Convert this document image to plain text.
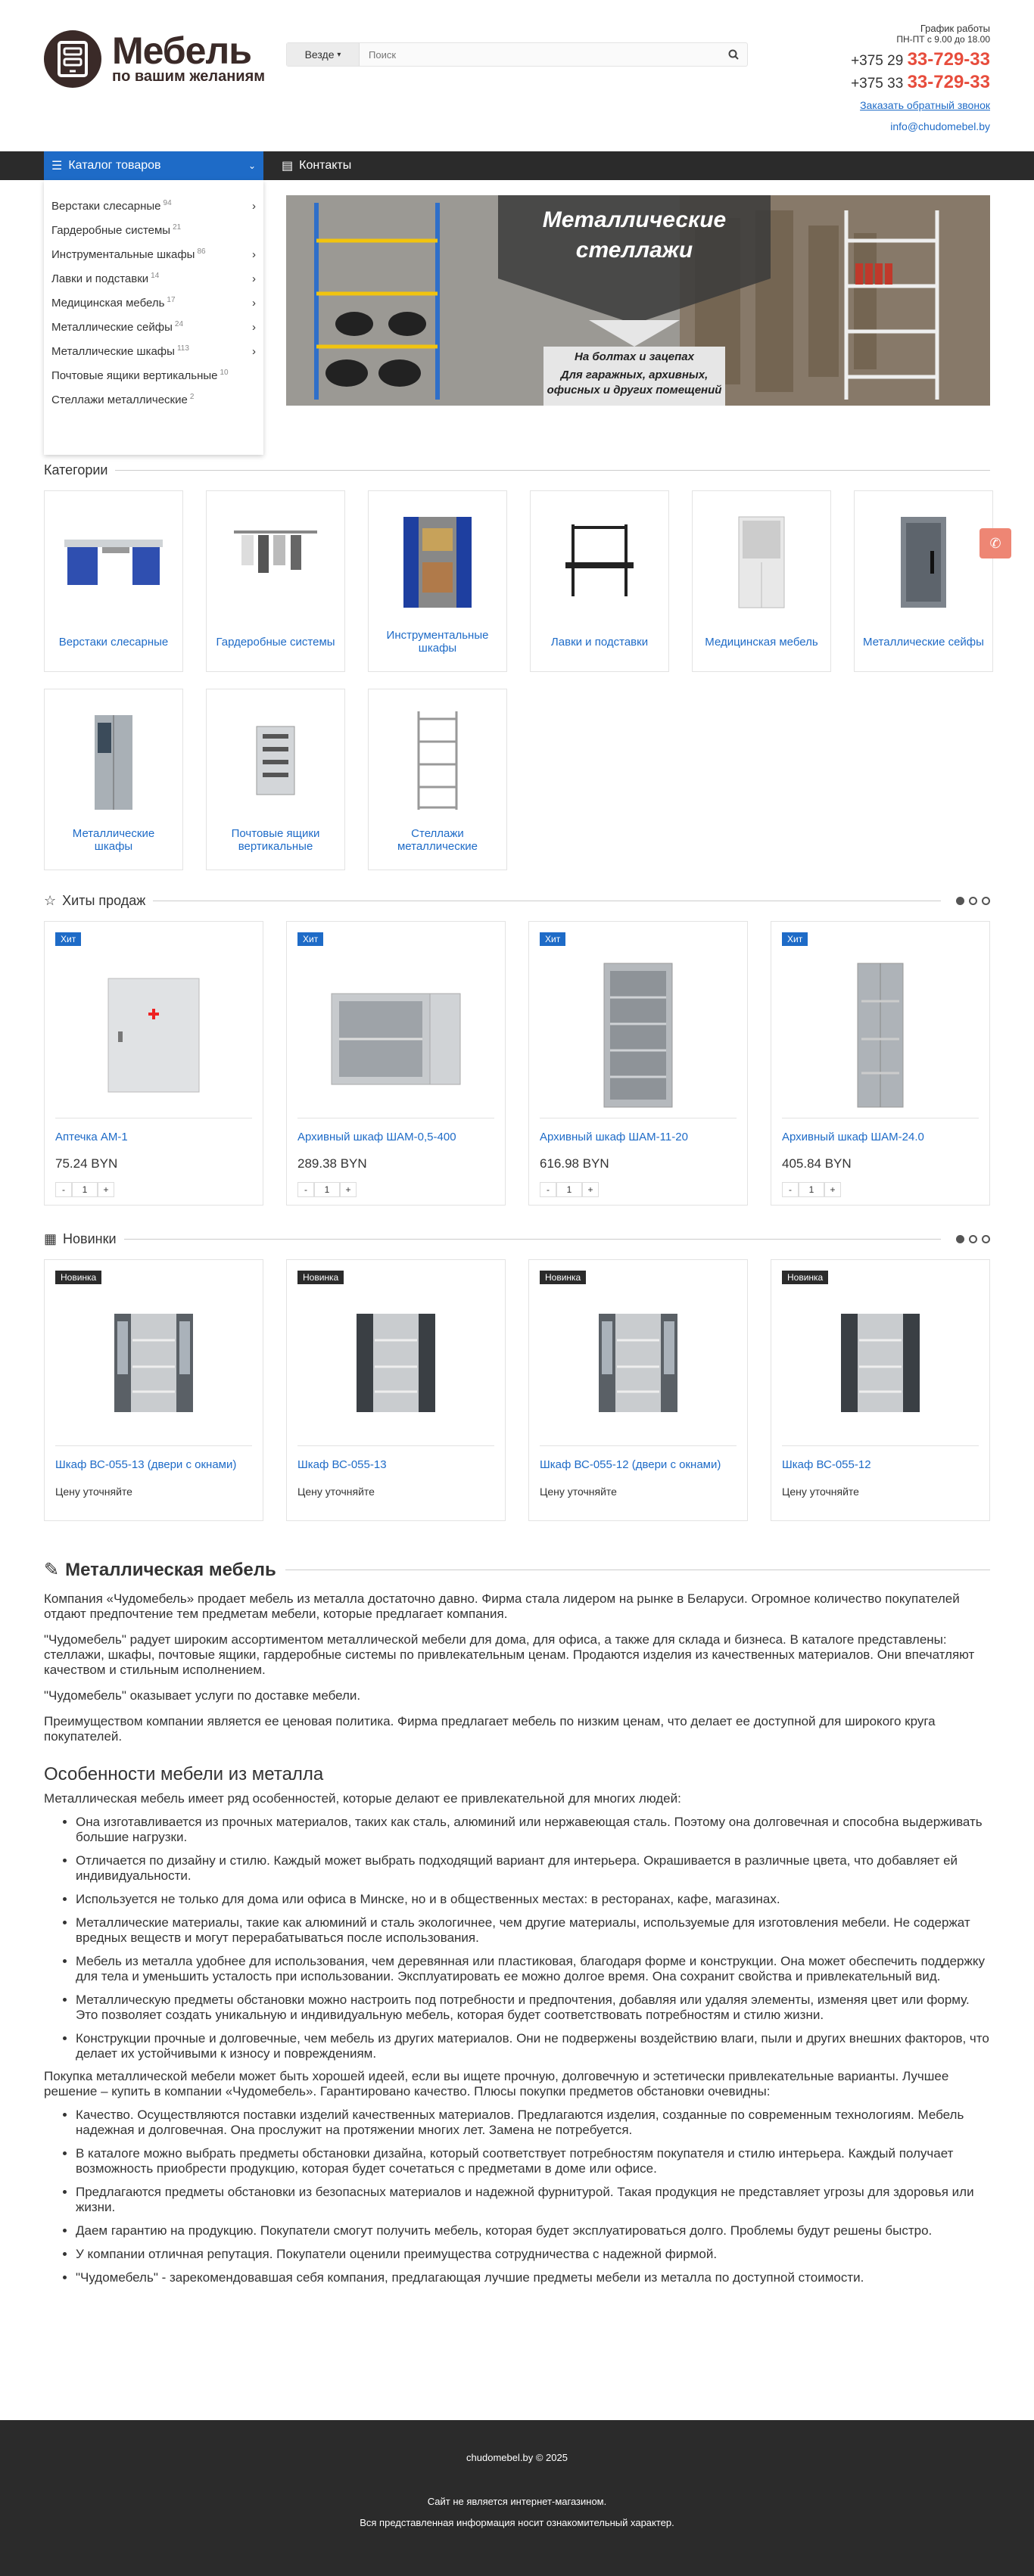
Мебель
по вашим желаниям
Везде
▾
Поиск
График работы
ПН-ПТ с 9.00 до 18.00
+375 29 33-729-33
+375 33 33-729-33
Заказать обратный звонок
info@chudomebel.by
☰ Каталог товаров	⌄ ▤ Контакты
Верстаки слесарные $^{94}$	›
Гардеробные системы $^{21}$
Инструментальные шкафы $^{86}$	›
Лавки и подставки $^{14}$	›
Медицинская мебель $^{17}$	›
Металлические сейфы $^{24}$	›
Металлические шкафы $^{113}$	›
Почтовые ящики вертикальные $^{10}$
Стеллажи металлические $^2$
Металлические
стеллажи
На болтах и зацепах
Для гаражных, архивных,
офисных и других помещений
Категории
Верстаки слесарные	Гардеробные системы	Инструментальные шкафы	Лавки и подставки	Медицинская мебель	Металлические сейфы
Металлические шкафы
Почтовые ящики вертикальные
Стеллажи металлические
☆ Хиты продаж
Хит
Аптечка АМ-1
75.24 BYN
-	1	+
Хит
Архивный шкаф ШАМ-0,5-400
289.38 BYN
-	1	+
Хит
Архивный шкаф ШАМ-11-20
616.98 BYN
-	1	+
Хит
Архивный шкаф ШАМ-24.0
405.84 BYN
-	1	+
▦ Новинки
Новинка
Шкаф ВС-055-13 (двери с окнами)
Цену уточняйте
Новинка
Шкаф ВС-055-13
Цену уточняйте
Новинка
Шкаф ВС-055-12 (двери с окнами)
Цену уточняйте
Новинка
Шкаф ВС-055-12
Цену уточняйте
✎ Металлическая мебель

Компания «Чудомебель» продает мебель из металла достаточно давно. Фирма стала лидером на рынке в Беларуси. Огромное количество покупателей отдают предпочтение тем предметам мебели, которые предлагает компания.

"Чудомебель" радует широким ассортиментом металлической мебели для дома, для офиса, а также для склада и бизнеса. В каталоге представлены: стеллажи, шкафы, почтовые ящики, гардеробные системы по привлекательным ценам. Продаются изделия из качественных материалов. Они впечатляют качеством и стильным исполнением.

"Чудомебель" оказывает услуги по доставке мебели.

Преимуществом компании является ее ценовая политика. Фирма предлагает мебель по низким ценам, что делает ее доступной для широкого круга покупателей.

Особенности мебели из металла

Металлическая мебель имеет ряд особенностей, которые делают ее привлекательной для многих людей:

• Она изготавливается из прочных материалов, таких как сталь, алюминий или нержавеющая сталь. Поэтому она долговечная и способна выдерживать большие нагрузки.
• Отличается по дизайну и стилю. Каждый может выбрать подходящий вариант для интерьера. Окрашивается в различные цвета, что добавляет ей индивидуальности.
• Используется не только для дома или офиса в Минске, но и в общественных местах: в ресторанах, кафе, магазинах.
• Металлические материалы, такие как алюминий и сталь экологичнее, чем другие материалы, используемые для изготовления мебели. Не содержат вредных веществ и могут перерабатываться после использования.
• Мебель из металла удобнее для использования, чем деревянная или пластиковая, благодаря форме и конструкции. Она может обеспечить поддержку для тела и уменьшить усталость при использовании. Эксплуатировать ее можно долгое время. Она сохранит свойства и привлекательный вид.
• Металлическую предметы обстановки можно настроить под потребности и предпочтения, добавляя или удаляя элементы, изменяя цвет или форму. Это позволяет создать уникальную и индивидуальную мебель, которая будет соответствовать потребностям и стилю жизни.
• Конструкции прочные и долговечные, чем мебель из других материалов. Они не подвержены воздействию влаги, пыли и других внешних факторов, что делает их устойчивыми к износу и повреждениям.

Покупка металлической мебели может быть хорошей идеей, если вы ищете прочную, долговечную и эстетически привлекательные варианты. Лучшее решение – купить в компании «Чудомебель». Гарантировано качество. Плюсы покупки предметов обстановки очевидны:

• Качество. Осуществляются поставки изделий качественных материалов. Предлагаются изделия, созданные по современным технологиям. Мебель надежная и долговечная. Она прослужит на протяжении многих лет. Замена не потребуется.
• В каталоге можно выбрать предметы обстановки дизайна, который соответствует потребностям покупателя и стилю интерьера. Каждый получает возможность приобрести продукцию, которая будет сочетаться с предметами в доме или офисе.
• Предлагаются предметы обстановки из безопасных материалов и надежной фурнитурой. Такая продукция не представляет угрозы для здоровья или жизни.
• Даем гарантию на продукцию. Покупатели смогут получить мебель, которая будет эксплуатироваться долго. Проблемы будут решены быстро.
• У компании отличная репутация. Покупатели оценили преимущества сотрудничества с надежной фирмой.
• "Чудомебель" - зарекомендовавшая себя компания, предлагающая лучшие предметы мебели из металла по доступной стоимости.
✆
chudomebel.by © 2025
Сайт не является интернет-магазином.
Вся представленная информация носит ознакомительный характер.
